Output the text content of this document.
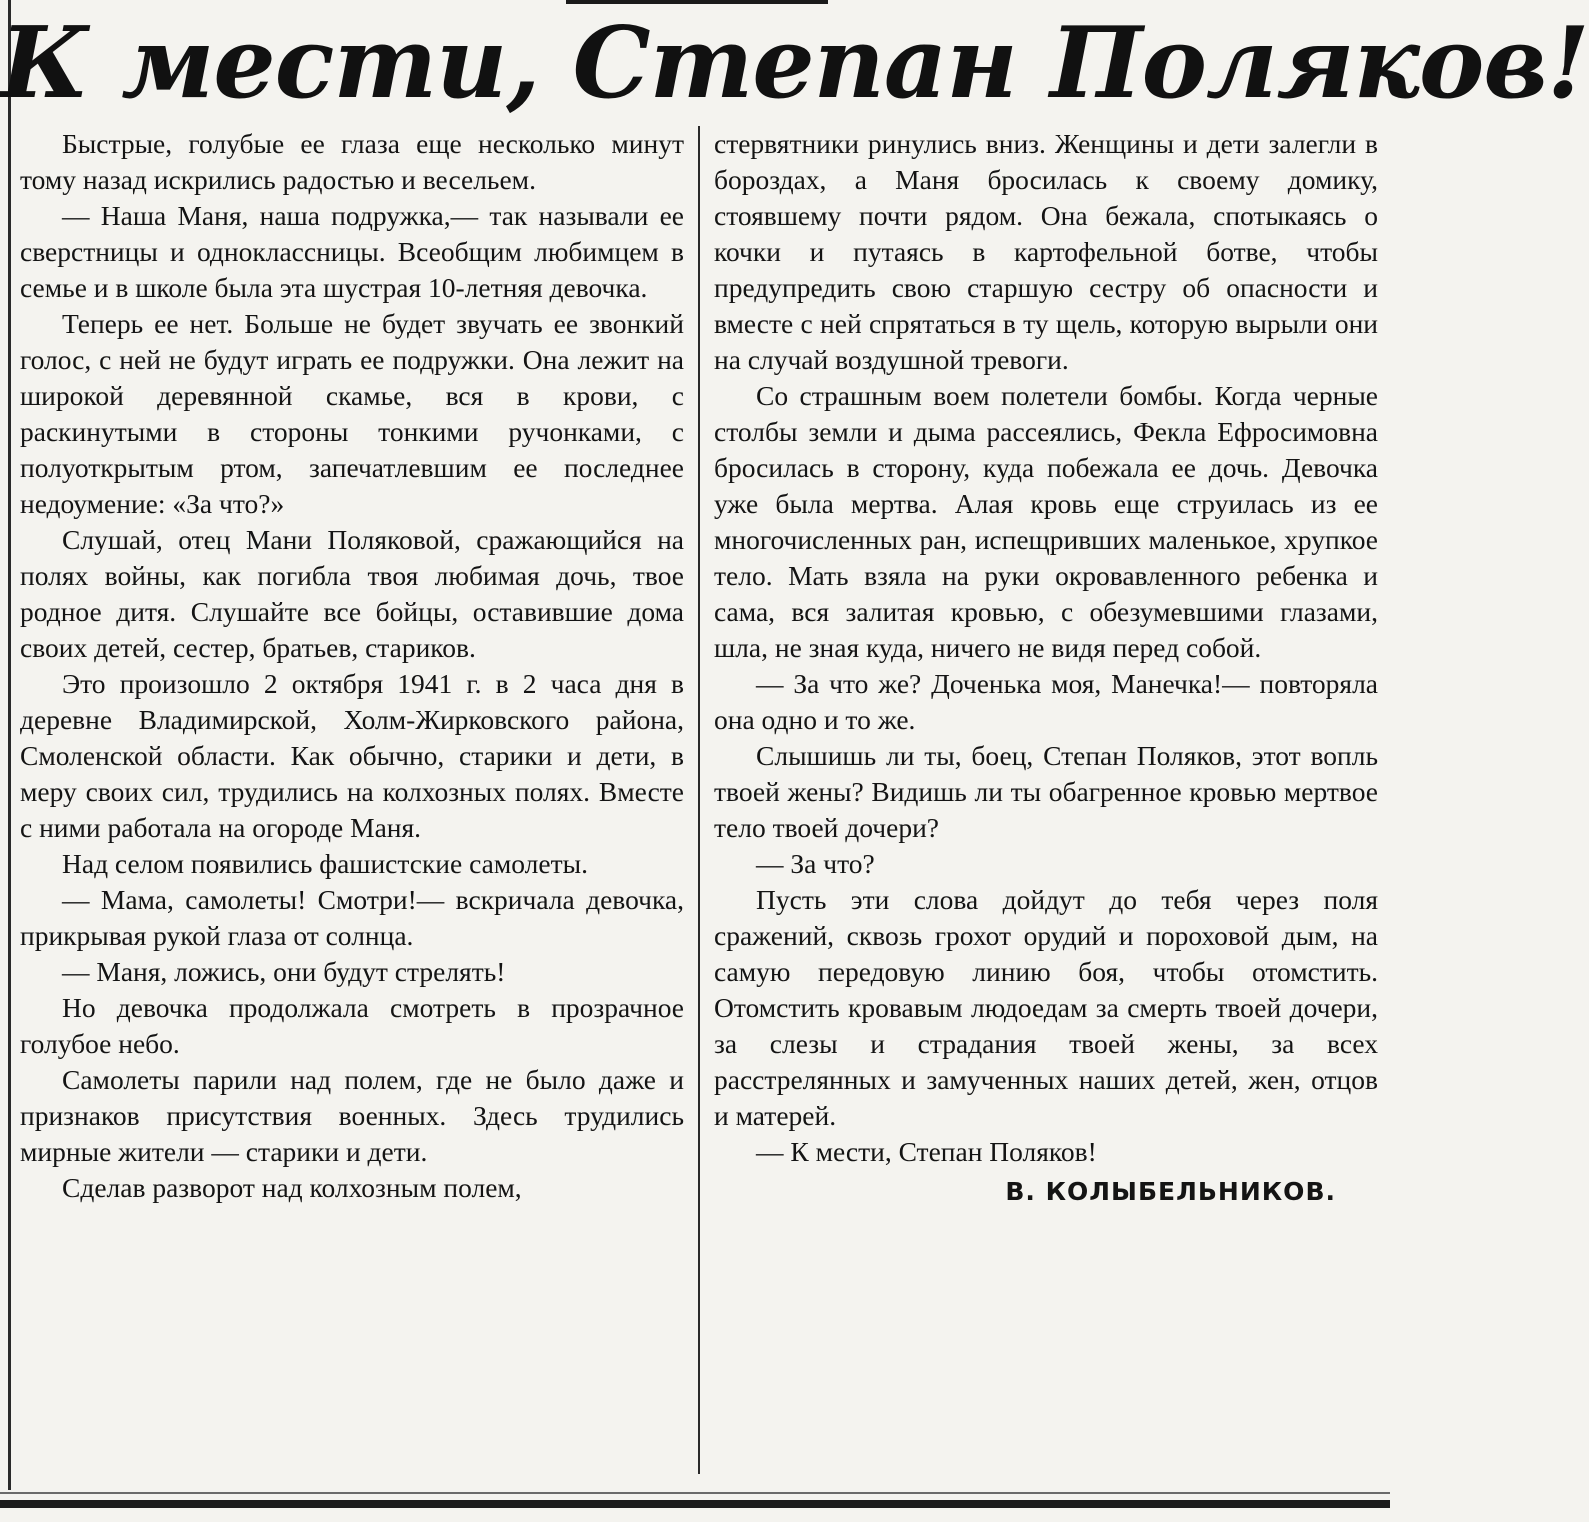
К мести, Степан Поляков!

Быстрые, голубые ее глаза еще несколько минут тому назад искрились радостью и весельем.

— Наша Маня, наша подружка,— так называли ее сверстницы и одноклассницы. Всеобщим любимцем в семье и в школе была эта шустрая 10-летняя девочка.

Теперь ее нет. Больше не будет звучать ее звонкий голос, с ней не будут играть ее подружки. Она лежит на широкой деревянной скамье, вся в крови, с раскинутыми в стороны тонкими ручонками, с полуоткрытым ртом, запечатлевшим ее последнее недоумение: «За что?»

Слушай, отец Мани Поляковой, сражающийся на полях войны, как погибла твоя любимая дочь, твое родное дитя. Слушайте все бойцы, оставившие дома своих детей, сестер, братьев, стариков.

Это произошло 2 октября 1941 г. в 2 часа дня в деревне Владимирской, Холм-Жирковского района, Смоленской области. Как обычно, старики и дети, в меру своих сил, трудились на колхозных полях. Вместе с ними работала на огороде Маня.

Над селом появились фашистские самолеты.

— Мама, самолеты! Смотри!— вскричала девочка, прикрывая рукой глаза от солнца.

— Маня, ложись, они будут стрелять!

Но девочка продолжала смотреть в прозрачное голубое небо.

Самолеты парили над полем, где не было даже и признаков присутствия военных. Здесь трудились мирные жители — старики и дети.

Сделав разворот над колхозным полем,

стервятники ринулись вниз. Женщины и дети залегли в бороздах, а Маня бросилась к своему домику, стоявшему почти рядом. Она бежала, спотыкаясь о кочки и путаясь в картофельной ботве, чтобы предупредить свою старшую сестру об опасности и вместе с ней спрятаться в ту щель, которую вырыли они на случай воздушной тревоги.

Со страшным воем полетели бомбы. Когда черные столбы земли и дыма рассеялись, Фекла Ефросимовна бросилась в сторону, куда побежала ее дочь. Девочка уже была мертва. Алая кровь еще струилась из ее многочисленных ран, испещривших маленькое, хрупкое тело. Мать взяла на руки окровавленного ребенка и сама, вся залитая кровью, с обезумевшими глазами, шла, не зная куда, ничего не видя перед собой.

— За что же? Доченька моя, Манечка!— повторяла она одно и то же.

Слышишь ли ты, боец, Степан Поляков, этот вопль твоей жены? Видишь ли ты обагренное кровью мертвое тело твоей дочери?

— За что?

Пусть эти слова дойдут до тебя через поля сражений, сквозь грохот орудий и пороховой дым, на самую передовую линию боя, чтобы отомстить. Отомстить кровавым людоедам за смерть твоей дочери, за слезы и страдания твоей жены, за всех расстрелянных и замученных наших детей, жен, отцов и матерей.

— К мести, Степан Поляков!

В. КОЛЫБЕЛЬНИКОВ.
